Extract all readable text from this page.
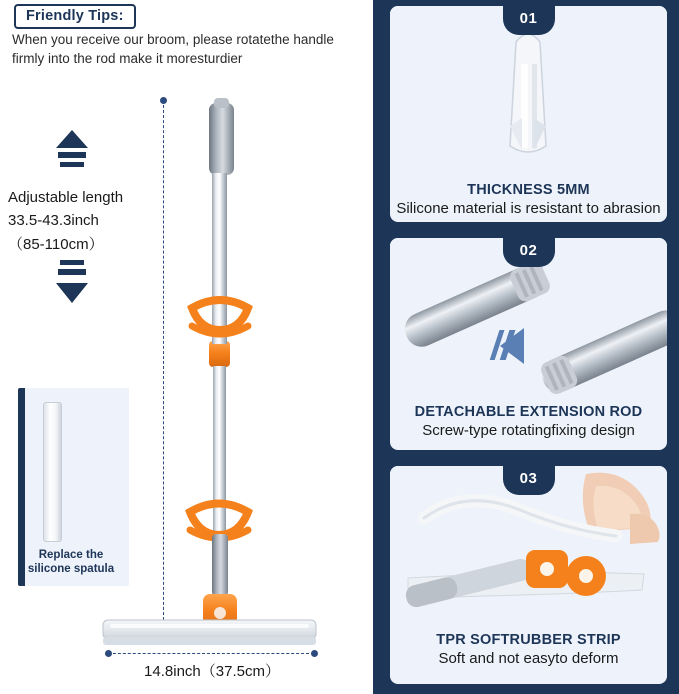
Friendly Tips:
When you receive our broom, please rotatethe handle firmly into the rod make it moresturdier
Adjustable length
33.5-43.3inch
（85-110cm）
14.8inch（37.5cm）
Replace the
silicone spatula
01
THICKNESS 5MM
Silicone material is resistant to abrasion
02
DETACHABLE EXTENSION ROD
Screw-type rotatingfixing design
03
TPR SOFTRUBBER STRIP
Soft and not easyto deform
